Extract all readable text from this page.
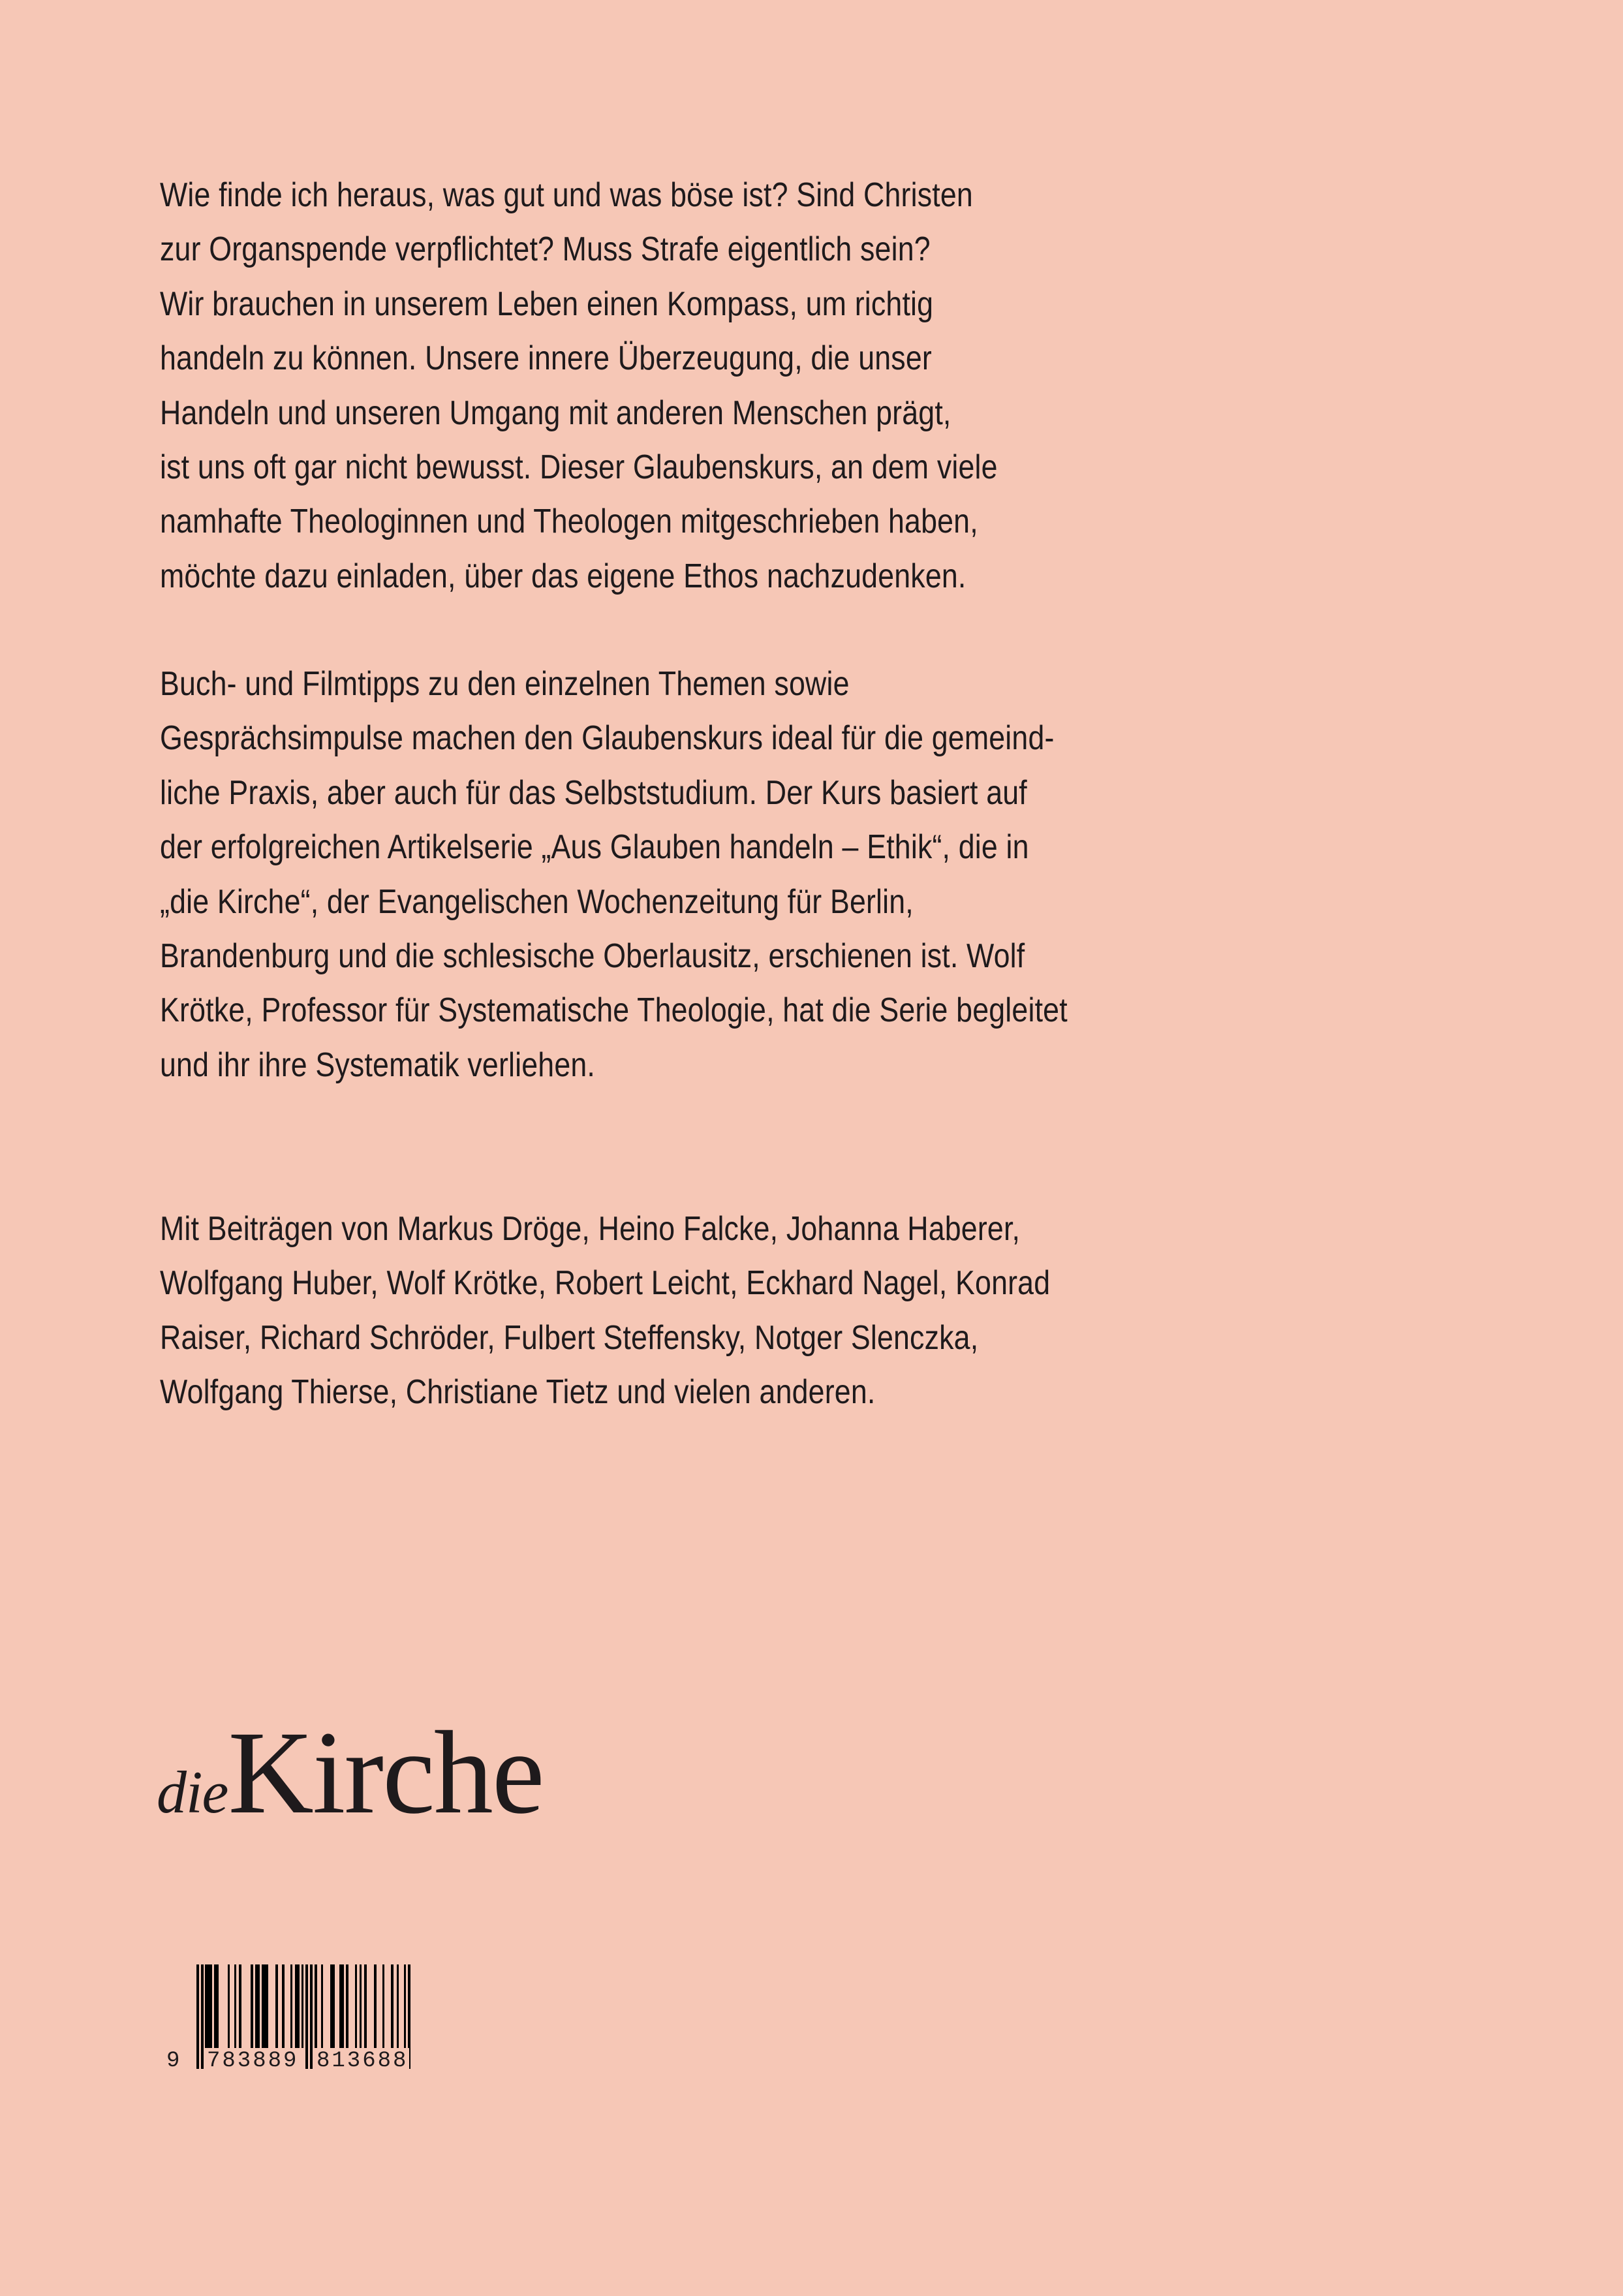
Wie finde ich heraus, was gut und was böse ist? Sind Christen
zur Organspende verpflichtet? Muss Strafe eigentlich sein?
Wir brauchen in unserem Leben einen Kompass, um richtig
handeln zu können. Unsere innere Überzeugung, die unser
Handeln und unseren Umgang mit anderen Menschen prägt,
ist uns oft gar nicht bewusst. Dieser Glaubenskurs, an dem viele
namhafte Theologinnen und Theologen mitgeschrieben haben,
möchte dazu einladen, über das eigene Ethos nachzudenken.
Buch- und Filmtipps zu den einzelnen Themen sowie
Gesprächsimpulse machen den Glaubenskurs ideal für die gemeind-
liche Praxis, aber auch für das Selbststudium. Der Kurs basiert auf
der erfolgreichen Artikelserie „Aus Glauben handeln – Ethik“, die in
„die Kirche“, der Evangelischen Wochenzeitung für Berlin,
Brandenburg und die schlesische Oberlausitz, erschienen ist. Wolf
Krötke, Professor für Systematische Theologie, hat die Serie begleitet
und ihr ihre Systematik verliehen.
Mit Beiträgen von Markus Dröge, Heino Falcke, Johanna Haberer,
Wolfgang Huber, Wolf Krötke, Robert Leicht, Eckhard Nagel, Konrad
Raiser, Richard Schröder, Fulbert Steffensky, Notger Slenczka,
Wolfgang Thierse, Christiane Tietz und vielen anderen.
die Kirche
9 783889 813688
